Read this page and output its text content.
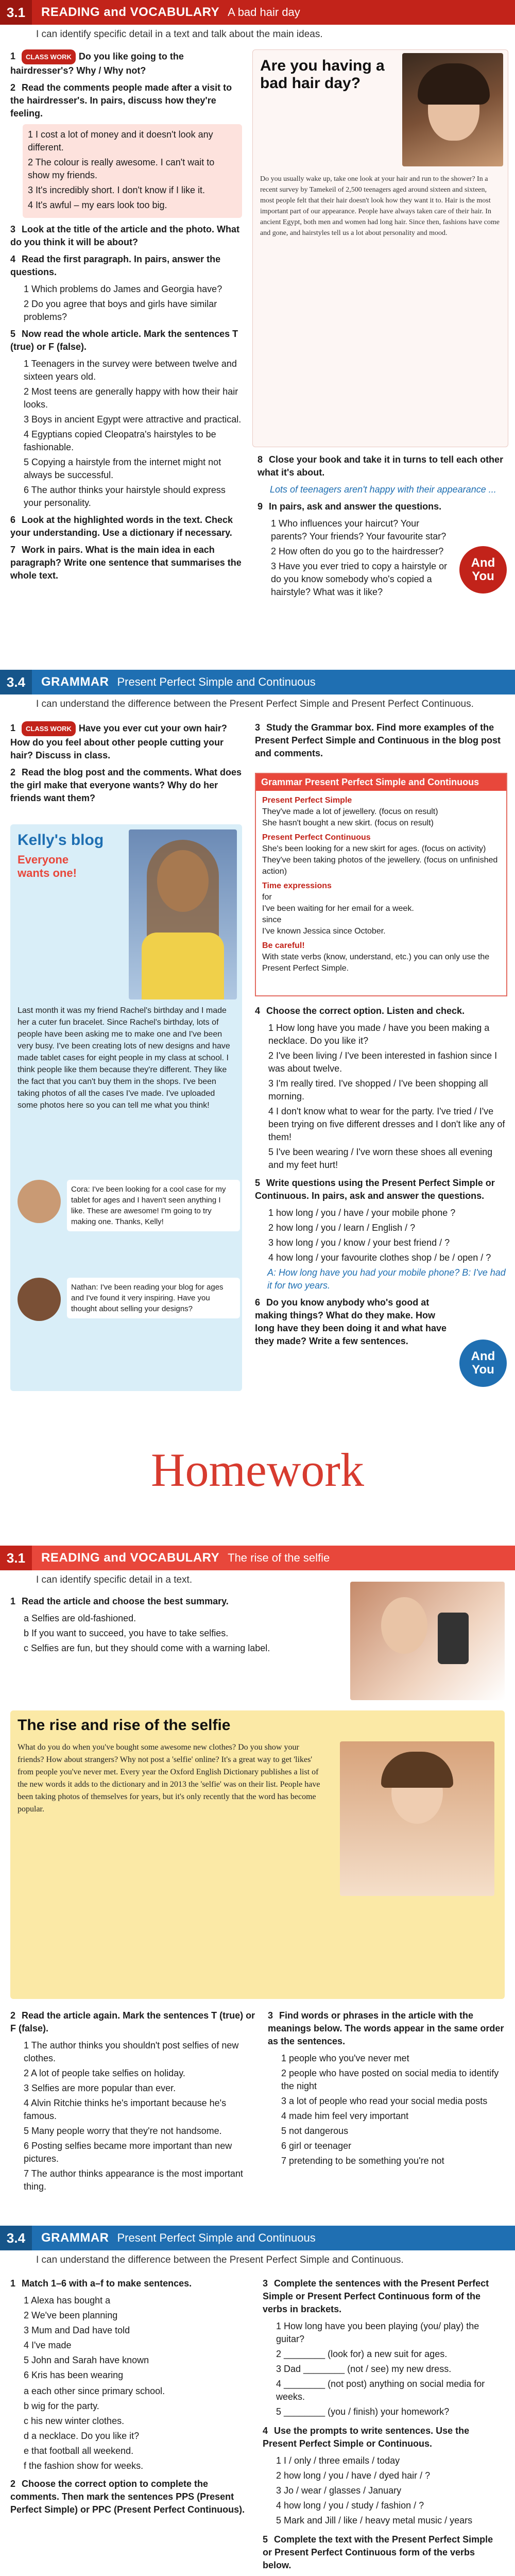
3.1	READING and VOCABULARY A bad hair day
I can identify specific detail in a text and talk about the main ideas.

1 CLASS WORK Do you like going to the hairdresser's? Why / Why not?

2 Read the comments people made after a visit to the hairdresser's. In pairs, discuss how they're feeling.

1 I cost a lot of money and it doesn't look any different.
2 The colour is really awesome. I can't wait to show my friends.
3 It's incredibly short. I don't know if I like it.
4 It's awful – my ears look too big.

3 Look at the title of the article and the photo. What do you think it will be about?

4 Read the first paragraph. In pairs, answer the questions.

1 Which problems do James and Georgia have?
2 Do you agree that boys and girls have similar problems?

5 Now read the whole article. Mark the sentences T (true) or F (false).

1 Teenagers in the survey were between twelve and sixteen years old.
2 Most teens are generally happy with how their hair looks.
3 Boys in ancient Egypt were attractive and practical.
4 Egyptians copied Cleopatra's hairstyles to be fashionable.
5 Copying a hairstyle from the internet might not always be successful.
6 The author thinks your hairstyle should express your personality.

6 Look at the highlighted words in the text. Check your understanding. Use a dictionary if necessary.

7 Work in pairs. What is the main idea in each paragraph? Write one sentence that summarises the whole text.

Are you having a bad hair day?
Do you usually wake up, take one look at your hair and run to the shower? In a recent survey by Tamekeil of 2,500 teenagers aged around sixteen and sixteen, most people felt that their hair doesn't look how they want it to. Hair is the most important part of our appearance. People have always taken care of their hair. In ancient Egypt, both men and women had long hair. Since then, fashions have come and gone, and hairstyles tell us a lot about personality and mood.

8 Close your book and take it in turns to tell each other what it's about.

Lots of teenagers aren't happy with their appearance ...

9 In pairs, ask and answer the questions.

1 Who influences your haircut? Your parents? Your friends? Your favourite star?
2 How often do you go to the hairdresser?
3 Have you ever tried to copy a hairstyle or do you know somebody who's copied a hairstyle? What was it like?
And You
3.4	GRAMMAR Present Perfect Simple and Continuous
I can understand the difference between the Present Perfect Simple and Present Perfect Continuous.

1 CLASS WORK Have you ever cut your own hair? How do you feel about other people cutting your hair? Discuss in class.

2 Read the blog post and the comments. What does the girl make that everyone wants? Why do her friends want them?

Kelly's blog
Everyone wants one!
Last month it was my friend Rachel's birthday and I made her a cuter fun bracelet. Since Rachel's birthday, lots of people have been asking me to make one and I've been very busy. I've been creating lots of new designs and have made tablet cases for eight people in my class at school. I think people like them because they're different. They like the fact that you can't buy them in the shops. I've been taking photos of all the cases I've made. I've uploaded some photos here so you can tell me what you think!
Cora: I've been looking for a cool case for my tablet for ages and I haven't seen anything I like. These are awesome! I'm going to try making one. Thanks, Kelly!
Nathan: I've been reading your blog for ages and I've found it very inspiring. Have you thought about selling your designs?

3 Study the Grammar box. Find more examples of the Present Perfect Simple and Continuous in the blog post and comments.

Grammar Present Perfect Simple and Continuous
Present Perfect Simple
They've made a lot of jewellery. (focus on result)
She hasn't bought a new skirt. (focus on result)
Present Perfect Continuous
She's been looking for a new skirt for ages. (focus on activity)
They've been taking photos of the jewellery. (focus on unfinished action)
Time expressions
for
I've been waiting for her email for a week.
since
I've known Jessica since October.
Be careful!
With state verbs (know, understand, etc.) you can only use the Present Perfect Simple.

4 Choose the correct option. Listen and check.

1 How long have you made / have you been making a necklace. Do you like it?
2 I've been living / I've been interested in fashion since I was about twelve.
3 I'm really tired. I've shopped / I've been shopping all morning.
4 I don't know what to wear for the party. I've tried / I've been trying on five different dresses and I don't like any of them!
5 I've been wearing / I've worn these shoes all evening and my feet hurt!

5 Write questions using the Present Perfect Simple or Continuous. In pairs, ask and answer the questions.

1 how long / you / have / your mobile phone ?
2 how long / you / learn / English / ?
3 how long / you / know / your best friend / ?
4 how long / your favourite clothes shop / be / open / ?

A: How long have you had your mobile phone? B: I've had it for two years.

6 Do you know anybody who's good at making things? What do they make. How long have they been doing it and what have they made? Write a few sentences.

And You
Homework
3.1	READING and VOCABULARY The rise of the selfie
I can identify specific detail in a text.

1 Read the article and choose the best summary.

a Selfies are old-fashioned.
b If you want to succeed, you have to take selfies.
c Selfies are fun, but they should come with a warning label.
The rise and rise of the selfie
What do you do when you've bought some awesome new clothes? Do you show your friends? How about strangers? Why not post a 'selfie' online? It's a great way to get 'likes' from people you've never met. Every year the Oxford English Dictionary publishes a list of the new words it adds to the dictionary and in 2013 the 'selfie' was on their list. People have been taking photos of themselves for years, but it's only recently that the word has become popular.

2 Read the article again. Mark the sentences T (true) or F (false).

1 The author thinks you shouldn't post selfies of new clothes.
2 A lot of people take selfies on holiday.
3 Selfies are more popular than ever.
4 Alvin Ritchie thinks he's important because he's famous.
5 Many people worry that they're not handsome.
6 Posting selfies became more important than new pictures.
7 The author thinks appearance is the most important thing.

3 Find words or phrases in the article with the meanings below. The words appear in the same order as the sentences.

1 people who you've never met
2 people who have posted on social media to identify the night
3 a lot of people who read your social media posts
4 made him feel very important
5 not dangerous
6 girl or teenager
7 pretending to be something you're not
3.4	GRAMMAR Present Perfect Simple and Continuous
I can understand the difference between the Present Perfect Simple and Continuous.

1 Match 1–6 with a–f to make sentences.

1 Alexa has bought a
2 We've been planning
3 Mum and Dad have told
4 I've made
5 John and Sarah have known
6 Kris has been wearing
a each other since primary school.
b wig for the party.
c his new winter clothes.
d a necklace. Do you like it?
e that football all weekend.
f the fashion show for weeks.

2 Choose the correct option to complete the comments. Then mark the sentences PPS (Present Perfect Simple) or PPC (Present Perfect Continuous).

3 Complete the sentences with the Present Perfect Simple or Present Perfect Continuous form of the verbs in brackets.

1 How long have you been playing (you/ play) the guitar?
2 ________ (look for) a new suit for ages.
3 Dad ________ (not / see) my new dress.
4 ________ (not post) anything on social media for weeks.
5 ________ (you / finish) your homework?

4 Use the prompts to write sentences. Use the Present Perfect Simple or Continuous.

1 I / only / three emails / today
2 how long / you / have / dyed hair / ?
3 Jo / wear / glasses / January
4 how long / you / study / fashion / ?
5 Mark and Jill / like / heavy metal music / years

5 Complete the text with the Present Perfect Simple or Present Perfect Continuous form of the verbs below.
